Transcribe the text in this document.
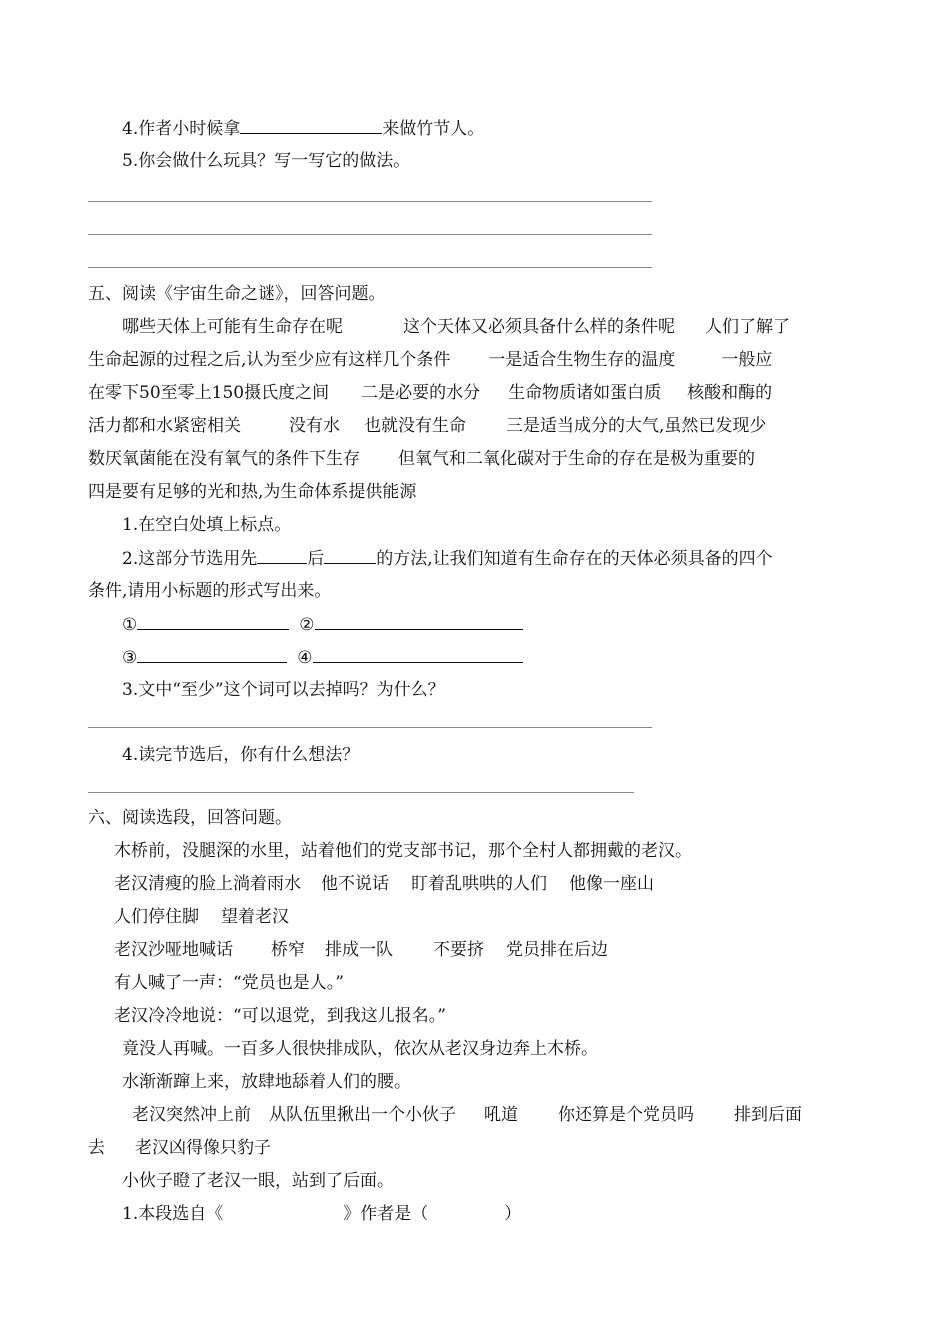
4.作者小时候拿	来做竹节人。
5.你会做什么玩具？写一写它的做法。
五、阅读《宇宙生命之谜》，回答问题。
哪些天体上可能有生命存在呢	这个天体又必须具备什么样的条件呢 人们了解了
生命起源的过程之后,认为至少应有这样几个条件 一是适合生物生存的温度	一般应
在零下50至零上150摄氏度之间 二是必要的水分 生命物质诸如蛋白质 核酸和酶的
活力都和水紧密相关	没有水 也就没有生命 三是适当成分的大气,虽然已发现少
数厌氧菌能在没有氧气的条件下生存 但氧气和二氧化碳对于生命的存在是极为重要的
四是要有足够的光和热,为生命体系提供能源
1.在空白处填上标点。
2.这部分节选用先	后	的方法,让我们知道有生命存在的天体必须具备的四个
条件,请用小标题的形式写出来。
①	②
③	④
3.文中“至少”这个词可以去掉吗？为什么？
4.读完节选后，你有什么想法？
六、阅读选段，回答问题。
木桥前，没腿深的水里，站着他们的党支部书记，那个全村人都拥戴的老汉。
老汉清瘦的脸上淌着雨水 他不说话 盯着乱哄哄的人们 他像一座山
人们停住脚 望着老汉
老汉沙哑地喊话 桥窄 排成一队 不要挤 党员排在后边
有人喊了一声：“党员也是人。”
老汉冷冷地说：“可以退党，到我这儿报名。”
竟没人再喊。一百多人很快排成队，依次从老汉身边奔上木桥。
水渐渐蹿上来，放肆地舔着人们的腰。
老汉突然冲上前 从队伍里揪出一个小伙子 吼道 你还算是个党员吗 排到后面
去 老汉凶得像只豹子
小伙子瞪了老汉一眼，站到了后面。
1.本段选自《	》作者是（	）
